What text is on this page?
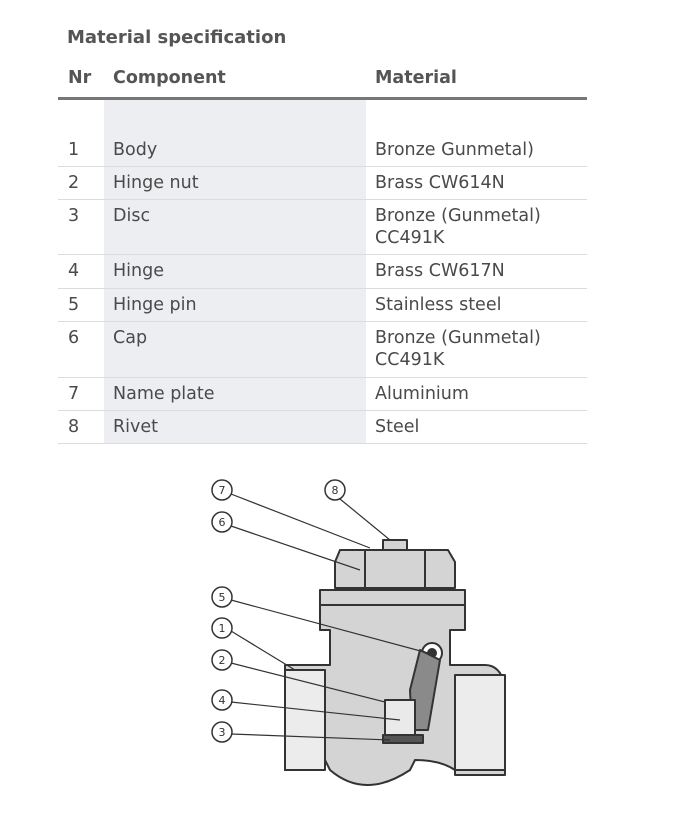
Material specification
Nr Component	Material
1 Body	Bronze Gunmetal)
2 Hinge nut	Brass CW614N
3 Disc	Bronze (Gunmetal)
CC491K
4 Hinge	Brass CW617N
5 Hinge pin	Stainless steel
6 Cap	Bronze (Gunmetal)
CC491K
7 Name plate	Aluminium
8 Rivet	Steel
7	8
6
5
1
2
4
3
